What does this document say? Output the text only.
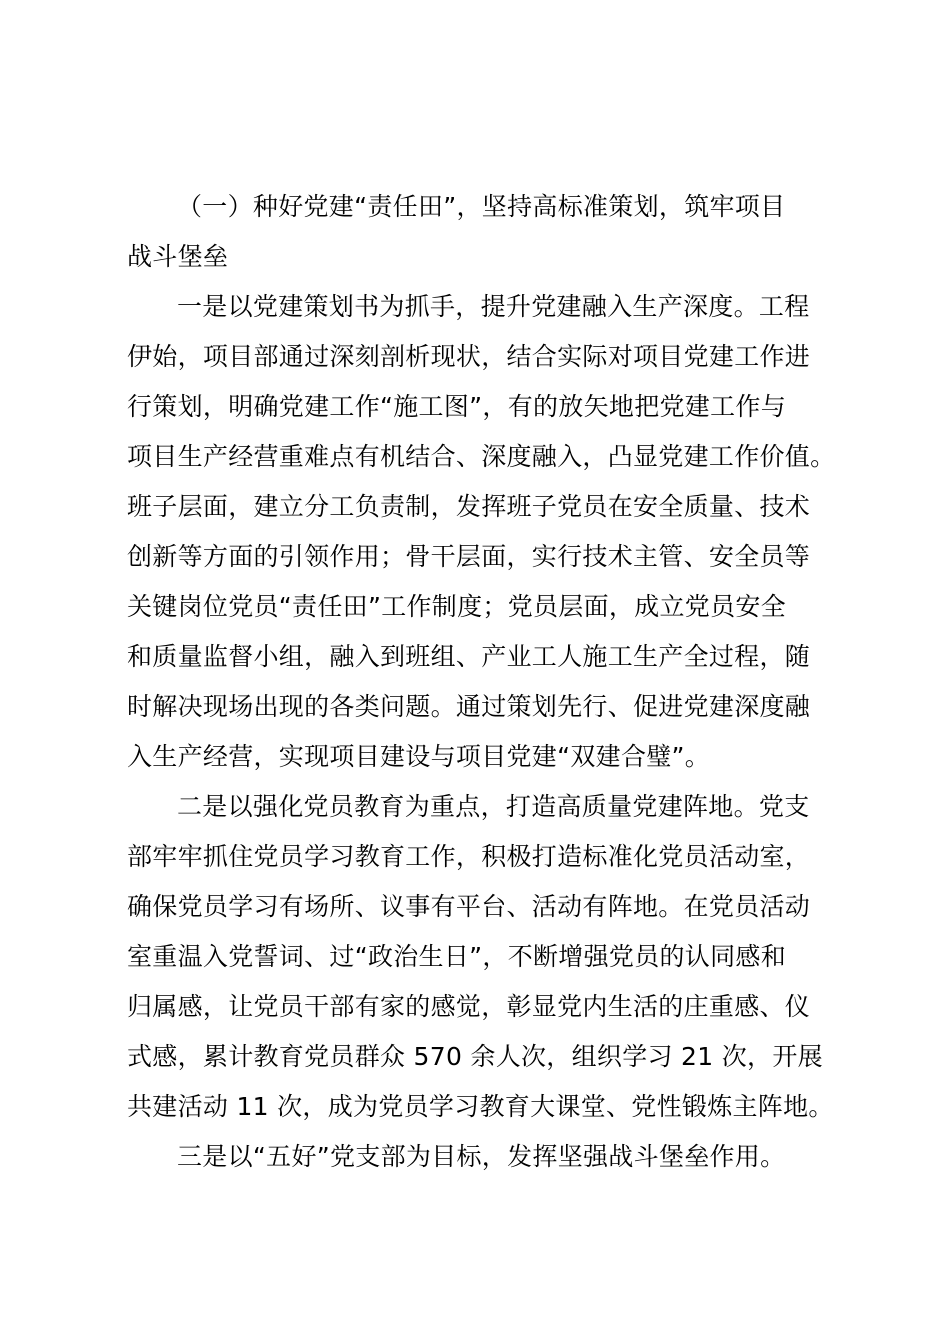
（一）种好党建“责任田”，坚持高标准策划，筑牢项目
战斗堡垒
一是以党建策划书为抓手，提升党建融入生产深度。工程
伊始，项目部通过深刻剖析现状，结合实际对项目党建工作进
行策划，明确党建工作“施工图”，有的放矢地把党建工作与
项目生产经营重难点有机结合、深度融入，凸显党建工作价值。
班子层面，建立分工负责制，发挥班子党员在安全质量、技术
创新等方面的引领作用；骨干层面，实行技术主管、安全员等
关键岗位党员“责任田”工作制度；党员层面，成立党员安全
和质量监督小组，融入到班组、产业工人施工生产全过程，随
时解决现场出现的各类问题。通过策划先行、促进党建深度融
入生产经营，实现项目建设与项目党建“双建合璧”。
二是以强化党员教育为重点，打造高质量党建阵地。党支
部牢牢抓住党员学习教育工作，积极打造标准化党员活动室，
确保党员学习有场所、议事有平台、活动有阵地。在党员活动
室重温入党誓词、过“政治生日”，不断增强党员的认同感和
归属感，让党员干部有家的感觉，彰显党内生活的庄重感、仪
式感，累计教育党员群众 570 余人次，组织学习 21 次，开展
共建活动 11 次，成为党员学习教育大课堂、党性锻炼主阵地。
三是以“五好”党支部为目标，发挥坚强战斗堡垒作用。
